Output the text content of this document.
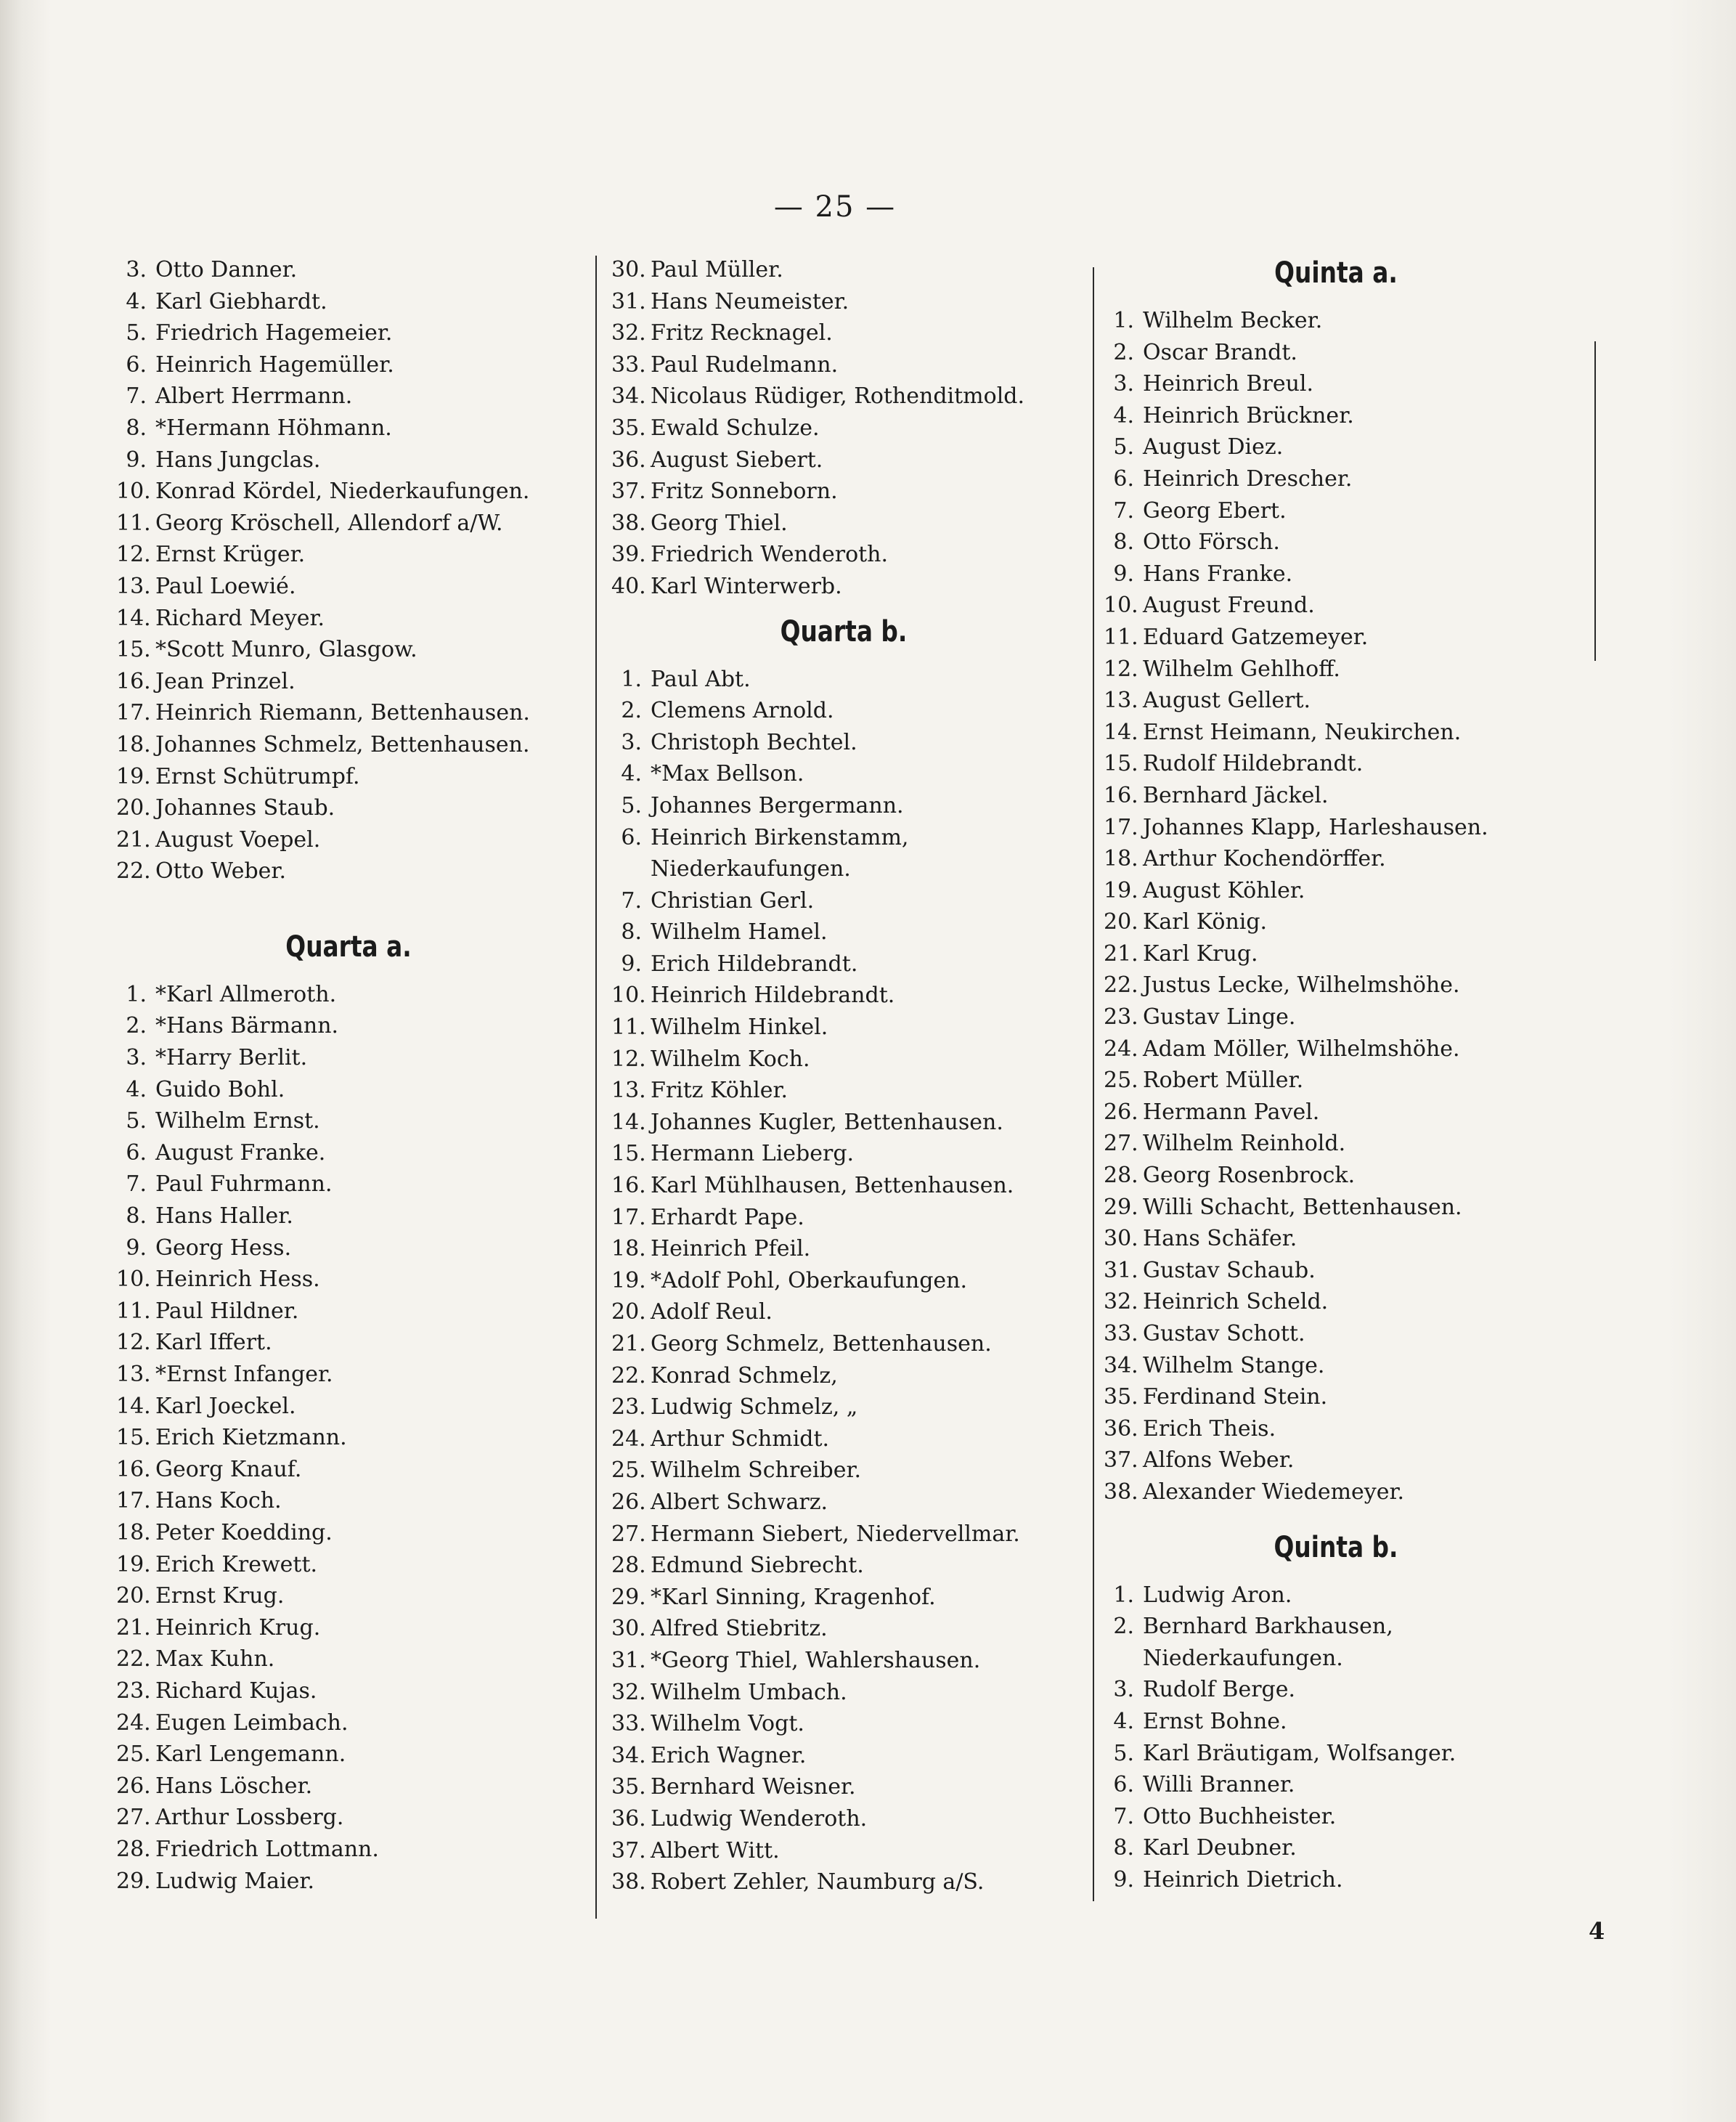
— 25 —
3. Otto Danner.
4. Karl Giebhardt.
5. Friedrich Hagemeier.
6. Heinrich Hagemüller.
7. Albert Herrmann.
8. *Hermann Höhmann.
9. Hans Jungclas.
10. Konrad Kördel, Niederkaufungen.
11. Georg Kröschell, Allendorf a/W.
12. Ernst Krüger.
13. Paul Loewié.
14. Richard Meyer.
15. *Scott Munro, Glasgow.
16. Jean Prinzel.
17. Heinrich Riemann, Bettenhausen.
18. Johannes Schmelz, Bettenhausen.
19. Ernst Schütrumpf.
20. Johannes Staub.
21. August Voepel.
22. Otto Weber.
Quarta a.
1. *Karl Allmeroth.
2. *Hans Bärmann.
3. *Harry Berlit.
4. Guido Bohl.
5. Wilhelm Ernst.
6. August Franke.
7. Paul Fuhrmann.
8. Hans Haller.
9. Georg Hess.
10. Heinrich Hess.
11. Paul Hildner.
12. Karl Iffert.
13. *Ernst Infanger.
14. Karl Joeckel.
15. Erich Kietzmann.
16. Georg Knauf.
17. Hans Koch.
18. Peter Koedding.
19. Erich Krewett.
20. Ernst Krug.
21. Heinrich Krug.
22. Max Kuhn.
23. Richard Kujas.
24. Eugen Leimbach.
25. Karl Lengemann.
26. Hans Löscher.
27. Arthur Lossberg.
28. Friedrich Lottmann.
29. Ludwig Maier.
30. Paul Müller.
31. Hans Neumeister.
32. Fritz Recknagel.
33. Paul Rudelmann.
34. Nicolaus Rüdiger, Rothenditmold.
35. Ewald Schulze.
36. August Siebert.
37. Fritz Sonneborn.
38. Georg Thiel.
39. Friedrich Wenderoth.
40. Karl Winterwerb.
Quarta b.
1. Paul Abt.
2. Clemens Arnold.
3. Christoph Bechtel.
4. *Max Bellson.
5. Johannes Bergermann.
6. Heinrich Birkenstamm, Niederkaufungen.
7. Christian Gerl.
8. Wilhelm Hamel.
9. Erich Hildebrandt.
10. Heinrich Hildebrandt.
11. Wilhelm Hinkel.
12. Wilhelm Koch.
13. Fritz Köhler.
14. Johannes Kugler, Bettenhausen.
15. Hermann Lieberg.
16. Karl Mühlhausen, Bettenhausen.
17. Erhardt Pape.
18. Heinrich Pfeil.
19. *Adolf Pohl, Oberkaufungen.
20. Adolf Reul.
21. Georg Schmelz, Bettenhausen.
22. Konrad Schmelz,
23. Ludwig Schmelz, „
24. Arthur Schmidt.
25. Wilhelm Schreiber.
26. Albert Schwarz.
27. Hermann Siebert, Niedervellmar.
28. Edmund Siebrecht.
29. *Karl Sinning, Kragenhof.
30. Alfred Stiebritz.
31. *Georg Thiel, Wahlershausen.
32. Wilhelm Umbach.
33. Wilhelm Vogt.
34. Erich Wagner.
35. Bernhard Weisner.
36. Ludwig Wenderoth.
37. Albert Witt.
38. Robert Zehler, Naumburg a/S.
Quinta a.
1. Wilhelm Becker.
2. Oscar Brandt.
3. Heinrich Breul.
4. Heinrich Brückner.
5. August Diez.
6. Heinrich Drescher.
7. Georg Ebert.
8. Otto Försch.
9. Hans Franke.
10. August Freund.
11. Eduard Gatzemeyer.
12. Wilhelm Gehlhoff.
13. August Gellert.
14. Ernst Heimann, Neukirchen.
15. Rudolf Hildebrandt.
16. Bernhard Jäckel.
17. Johannes Klapp, Harleshausen.
18. Arthur Kochendörffer.
19. August Köhler.
20. Karl König.
21. Karl Krug.
22. Justus Lecke, Wilhelmshöhe.
23. Gustav Linge.
24. Adam Möller, Wilhelmshöhe.
25. Robert Müller.
26. Hermann Pavel.
27. Wilhelm Reinhold.
28. Georg Rosenbrock.
29. Willi Schacht, Bettenhausen.
30. Hans Schäfer.
31. Gustav Schaub.
32. Heinrich Scheld.
33. Gustav Schott.
34. Wilhelm Stange.
35. Ferdinand Stein.
36. Erich Theis.
37. Alfons Weber.
38. Alexander Wiedemeyer.
Quinta b.
1. Ludwig Aron.
2. Bernhard Barkhausen, Niederkaufungen.
3. Rudolf Berge.
4. Ernst Bohne.
5. Karl Bräutigam, Wolfsanger.
6. Willi Branner.
7. Otto Buchheister.
8. Karl Deubner.
9. Heinrich Dietrich.
4
